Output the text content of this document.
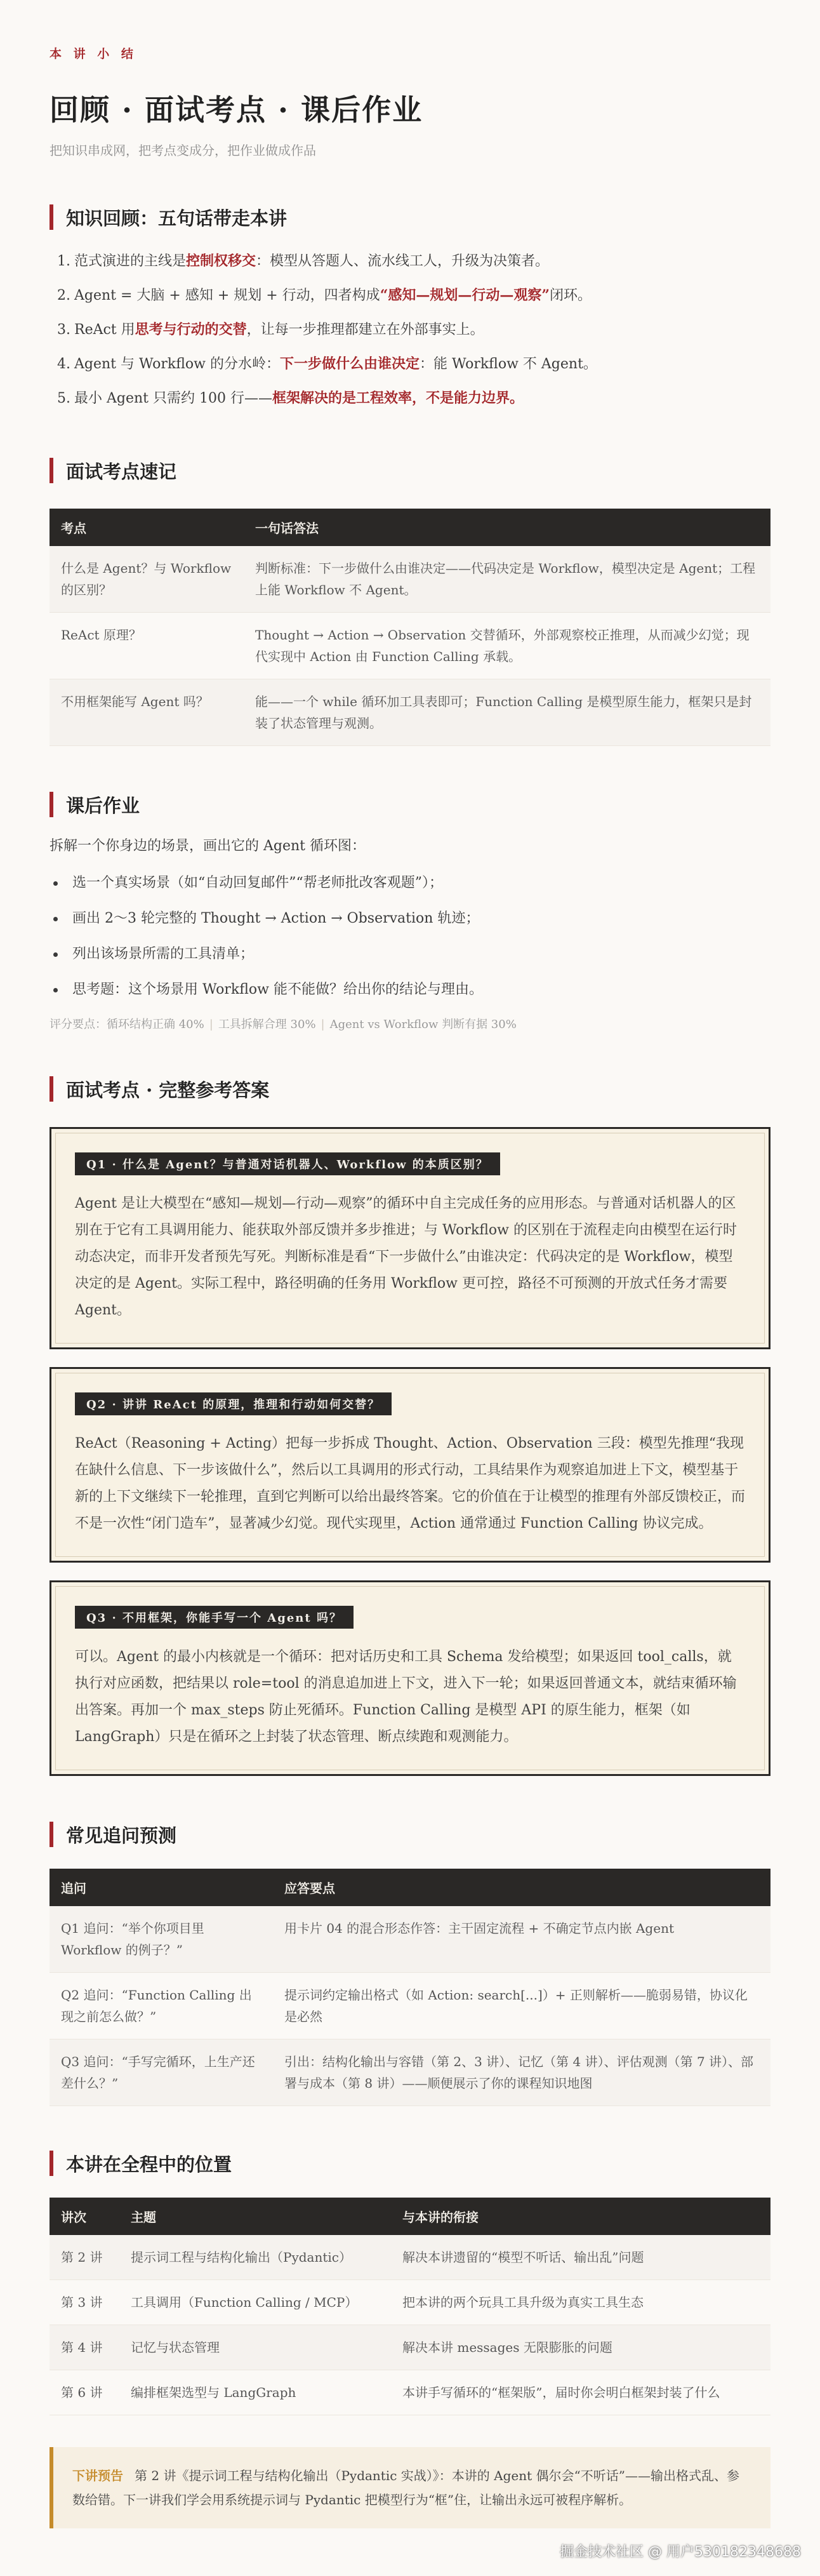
本 讲 小 结
回顾 · 面试考点 · 课后作业
把知识串成网，把考点变成分，把作业做成作品
知识回顾：五句话带走本讲
1. 范式演进的主线是控制权移交：模型从答题人、流水线工人，升级为决策者。
2. Agent = 大脑 + 感知 + 规划 + 行动，四者构成“感知—规划—行动—观察”闭环。
3. ReAct 用思考与行动的交替，让每一步推理都建立在外部事实上。
4. Agent 与 Workflow 的分水岭：下一步做什么由谁决定：能 Workflow 不 Agent。
5. 最小 Agent 只需约 100 行——框架解决的是工程效率，不是能力边界。
面试考点速记
考点	一句话答法
什么是 Agent？与 Workflow 的区别？	判断标准：下一步做什么由谁决定——代码决定是 Workflow，模型决定是 Agent；工程上能 Workflow 不 Agent。
ReAct 原理？	Thought → Action → Observation 交替循环，外部观察校正推理，从而减少幻觉；现代实现中 Action 由 Function Calling 承载。
不用框架能写 Agent 吗？	能——一个 while 循环加工具表即可；Function Calling 是模型原生能力，框架只是封装了状态管理与观测。
课后作业

拆解一个你身边的场景，画出它的 Agent 循环图：

选一个真实场景（如“自动回复邮件”“帮老师批改客观题”）；
画出 2～3 轮完整的 Thought → Action → Observation 轨迹；
列出该场景所需的工具清单；
思考题：这个场景用 Workflow 能不能做？给出你的结论与理由。
评分要点：循环结构正确 40% | 工具拆解合理 30% | Agent vs Workflow 判断有据 30%
面试考点 · 完整参考答案
Q1 · 什么是 Agent？与普通对话机器人、Workflow 的本质区别？

Agent 是让大模型在“感知—规划—行动—观察”的循环中自主完成任务的应用形态。与普通对话机器人的区别在于它有工具调用能力、能获取外部反馈并多步推进；与 Workflow 的区别在于流程走向由模型在运行时动态决定，而非开发者预先写死。判断标准是看“下一步做什么”由谁决定：代码决定的是 Workflow，模型决定的是 Agent。实际工程中，路径明确的任务用 Workflow 更可控，路径不可预测的开放式任务才需要 Agent。

Q2 · 讲讲 ReAct 的原理，推理和行动如何交替？

ReAct（Reasoning + Acting）把每一步拆成 Thought、Action、Observation 三段：模型先推理“我现在缺什么信息、下一步该做什么”，然后以工具调用的形式行动，工具结果作为观察追加进上下文，模型基于新的上下文继续下一轮推理，直到它判断可以给出最终答案。它的价值在于让模型的推理有外部反馈校正，而不是一次性“闭门造车”，显著减少幻觉。现代实现里，Action 通常通过 Function Calling 协议完成。

Q3 · 不用框架，你能手写一个 Agent 吗？

可以。Agent 的最小内核就是一个循环：把对话历史和工具 Schema 发给模型；如果返回 tool_calls，就执行对应函数，把结果以 role=tool 的消息追加进上下文，进入下一轮；如果返回普通文本，就结束循环输出答案。再加一个 max_steps 防止死循环。Function Calling 是模型 API 的原生能力，框架（如 LangGraph）只是在循环之上封装了状态管理、断点续跑和观测能力。

常见追问预测
追问	应答要点
Q1 追问：“举个你项目里 Workflow 的例子？”	用卡片 04 的混合形态作答：主干固定流程 + 不确定节点内嵌 Agent
Q2 追问：“Function Calling 出现之前怎么做？”	提示词约定输出格式（如 Action: search[...]）+ 正则解析——脆弱易错，协议化是必然
Q3 追问：“手写完循环，上生产还差什么？”	引出：结构化输出与容错（第 2、3 讲）、记忆（第 4 讲）、评估观测（第 7 讲）、部署与成本（第 8 讲）——顺便展示了你的课程知识地图
本讲在全程中的位置
讲次	主题	与本讲的衔接
第 2 讲	提示词工程与结构化输出（Pydantic）	解决本讲遗留的“模型不听话、输出乱”问题
第 3 讲	工具调用（Function Calling / MCP）	把本讲的两个玩具工具升级为真实工具生态
第 4 讲	记忆与状态管理	解决本讲 messages 无限膨胀的问题
第 6 讲	编排框架选型与 LangGraph	本讲手写循环的“框架版”，届时你会明白框架封装了什么
下讲预告 第 2 讲《提示词工程与结构化输出（Pydantic 实战）》：本讲的 Agent 偶尔会“不听话”——输出格式乱、参数给错。下一讲我们学会用系统提示词与 Pydantic 把模型行为“框”住，让输出永远可被程序解析。
掘金技术社区 @ 用户530182348688
